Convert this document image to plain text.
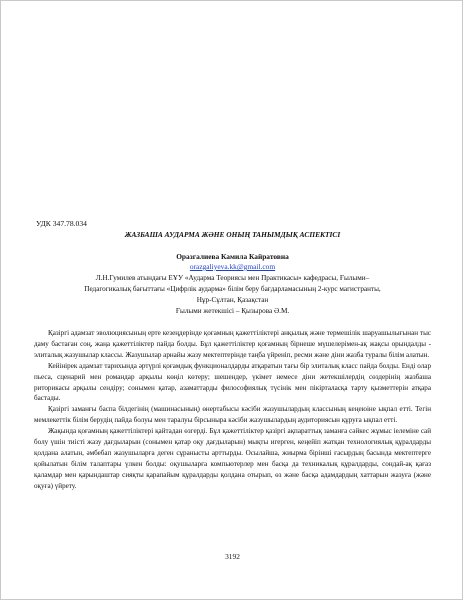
УДК 347.78.034
ЖАЗБАША АУДАРМА ЖӘНЕ ОНЫҢ ТАНЫМДЫҚ АСПЕКТІСІ
Оразгалиева Камила Кайратовна
orazgaliyeva.kk@gmail.com
Л.Н.Гумилев атындағы ЕҰУ «Аударма Теориясы мен Практикасы» кафедрасы, Ғылыми–
Педагогикалық бағыттағы «Цифрлік аударма» білім беру бағдарламасының 2-курс магистранты,
Нұр-Сұлтан, Қазақстан
Ғылыми жетекшісі – Қызырова Ә.М.

Қазіргі адамзат эволюциясының ерте кезеңдерінде қоғамның қажеттіліктері анқылық және термешілік шаруашылығынан тыс даму бастаған соң, жаңа қажеттіліктер пайда болды. Бұл қажеттіліктер қоғамның бірнеше мүшелерімен-ақ жақсы орындалды - элиталық жазушылар классы. Жазушылар арнайы жазу мектептерінде таңба үйреніп, ресми және діни жазба туралы білім алатын.

Кейінірек адамзат тарихында әртүрлі қоғамдық функционалдарды атқаратын тағы бір элиталық класс пайда болды. Енді олар пьеса, сценарий мен романдар арқылы көңіл көтеру; шешендер, үкімет немесе діни жетекшілердің сөздерінің жазбаша риторикасы арқылы сендіру; сонымен қатар, азаматтарды философиялық түсінік мен пікірталасқа тарту қызметтерін атқара бастады.

Қазіргі заманғы баспа білдегінің (машинасының) өнертабысы кәсіби жазушылардың классының кеңеюіне ықпал етті. Тегін мемлекеттік білім берудің пайда болуы мен таралуы бірсыныра кәсіби жазушылардың аудиториясын құруға ықпал етті.

Жақында қоғамның қажеттіліктері қайтадан өзгерді. Бұл қажеттіліктер қазіргі ақпараттық заманға сәйкес жұмыс іелеміне сай болу үшін тиісті жазу дағдыларын (сонымен қатар оқу дағдыларын) мықты игерген, кеңейіп жатқан технологиялық құралдарды қолдана алатын, әмбебап жазушыларға деген сұранысты арттырды. Осылайша, жиырма бірінші ғасырдың басында мектептерге қойылатын білім талаптары үлкен болды: оқушыларға компьютерлер мен басқа да техникалық құралдарды, сондай-ақ қағаз қаламдар мен қарындаштар сияқты қарапайым құралдарды қолдана отырып, өз және басқа адамдардың хаттарын жазуға (және оқуға) үйрету.

3192
